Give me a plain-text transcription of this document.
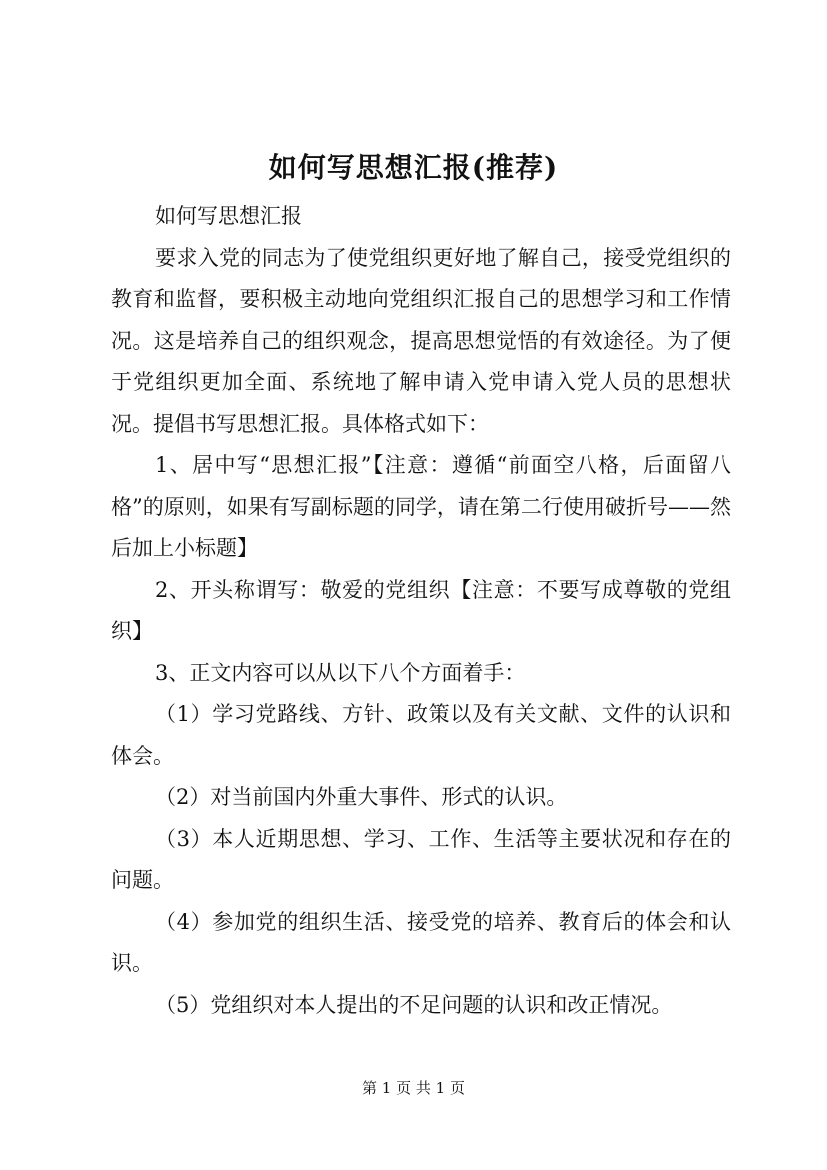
如何写思想汇报(推荐)

如何写思想汇报

要求入党的同志为了使党组织更好地了解自己，接受党组织的教育和监督，要积极主动地向党组织汇报自己的思想学习和工作情况。这是培养自己的组织观念，提高思想觉悟的有效途径。为了便于党组织更加全面、系统地了解申请入党申请入党人员的思想状况。提倡书写思想汇报。具体格式如下：

1、居中写“思想汇报”【注意：遵循“前面空八格，后面留八格”的原则，如果有写副标题的同学，请在第二行使用破折号——然后加上小标题】

2、开头称谓写：敬爱的党组织【注意：不要写成尊敬的党组织】

3、正文内容可以从以下八个方面着手：

（1）学习党路线、方针、政策以及有关文献、文件的认识和体会。

（2）对当前国内外重大事件、形式的认识。

（3）本人近期思想、学习、工作、生活等主要状况和存在的问题。

（4）参加党的组织生活、接受党的培养、教育后的体会和认识。

（5）党组织对本人提出的不足问题的认识和改正情况。

第 1 页 共 1 页
